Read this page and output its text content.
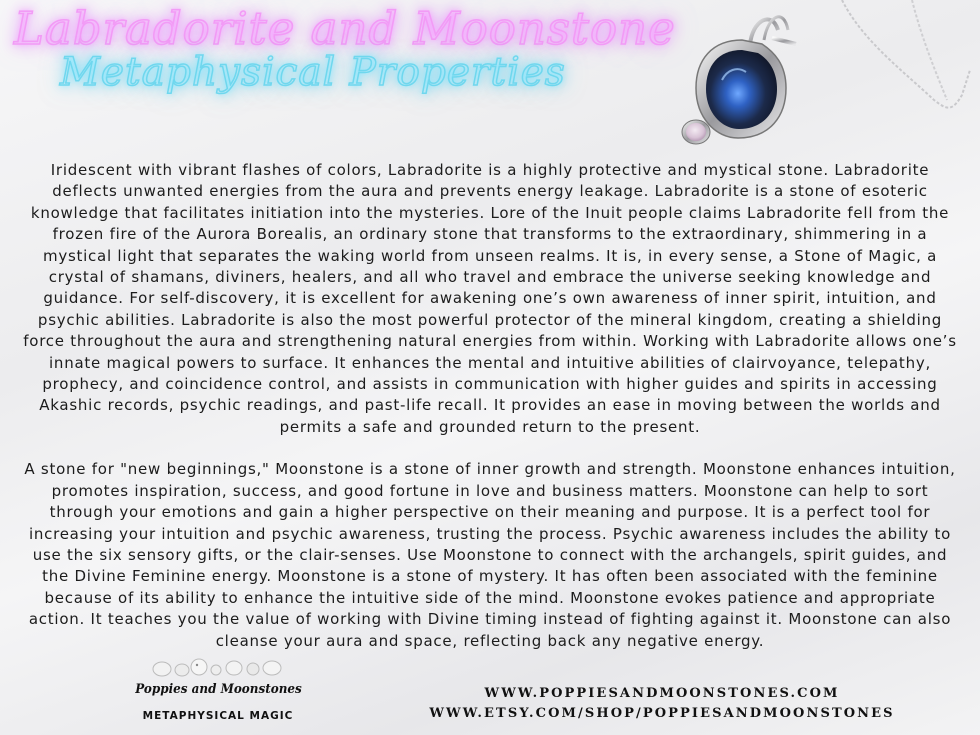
Labradorite and Moonstone
Metaphysical Properties

Iridescent with vibrant flashes of colors, Labradorite is a highly protective and mystical stone. Labradorite deflects unwanted energies from the aura and prevents energy leakage. Labradorite is a stone of esoteric knowledge that facilitates initiation into the mysteries. Lore of the Inuit people claims Labradorite fell from the frozen fire of the Aurora Borealis, an ordinary stone that transforms to the extraordinary, shimmering in a mystical light that separates the waking world from unseen realms. It is, in every sense, a Stone of Magic, a crystal of shamans, diviners, healers, and all who travel and embrace the universe seeking knowledge and guidance. For self-discovery, it is excellent for awakening one’s own awareness of inner spirit, intuition, and psychic abilities. Labradorite is also the most powerful protector of the mineral kingdom, creating a shielding force throughout the aura and strengthening natural energies from within. Working with Labradorite allows one’s innate magical powers to surface. It enhances the mental and intuitive abilities of clairvoyance, telepathy, prophecy, and coincidence control, and assists in communication with higher guides and spirits in accessing Akashic records, psychic readings, and past-life recall. It provides an ease in moving between the worlds and permits a safe and grounded return to the present.

A stone for "new beginnings," Moonstone is a stone of inner growth and strength. Moonstone enhances intuition, promotes inspiration, success, and good fortune in love and business matters. Moonstone can help to sort through your emotions and gain a higher perspective on their meaning and purpose. It is a perfect tool for increasing your intuition and psychic awareness, trusting the process. Psychic awareness includes the ability to use the six sensory gifts, or the clair-senses. Use Moonstone to connect with the archangels, spirit guides, and the Divine Feminine energy. Moonstone is a stone of mystery. It has often been associated with the feminine because of its ability to enhance the intuitive side of the mind. Moonstone evokes patience and appropriate action. It teaches you the value of working with Divine timing instead of fighting against it. Moonstone can also cleanse your aura and space, reflecting back any negative energy.

Poppies and Moonstones
METAPHYSICAL MAGIC
WWW.POPPIESANDMOONSTONES.COM
WWW.ETSY.COM/SHOP/POPPIESANDMOONSTONES
